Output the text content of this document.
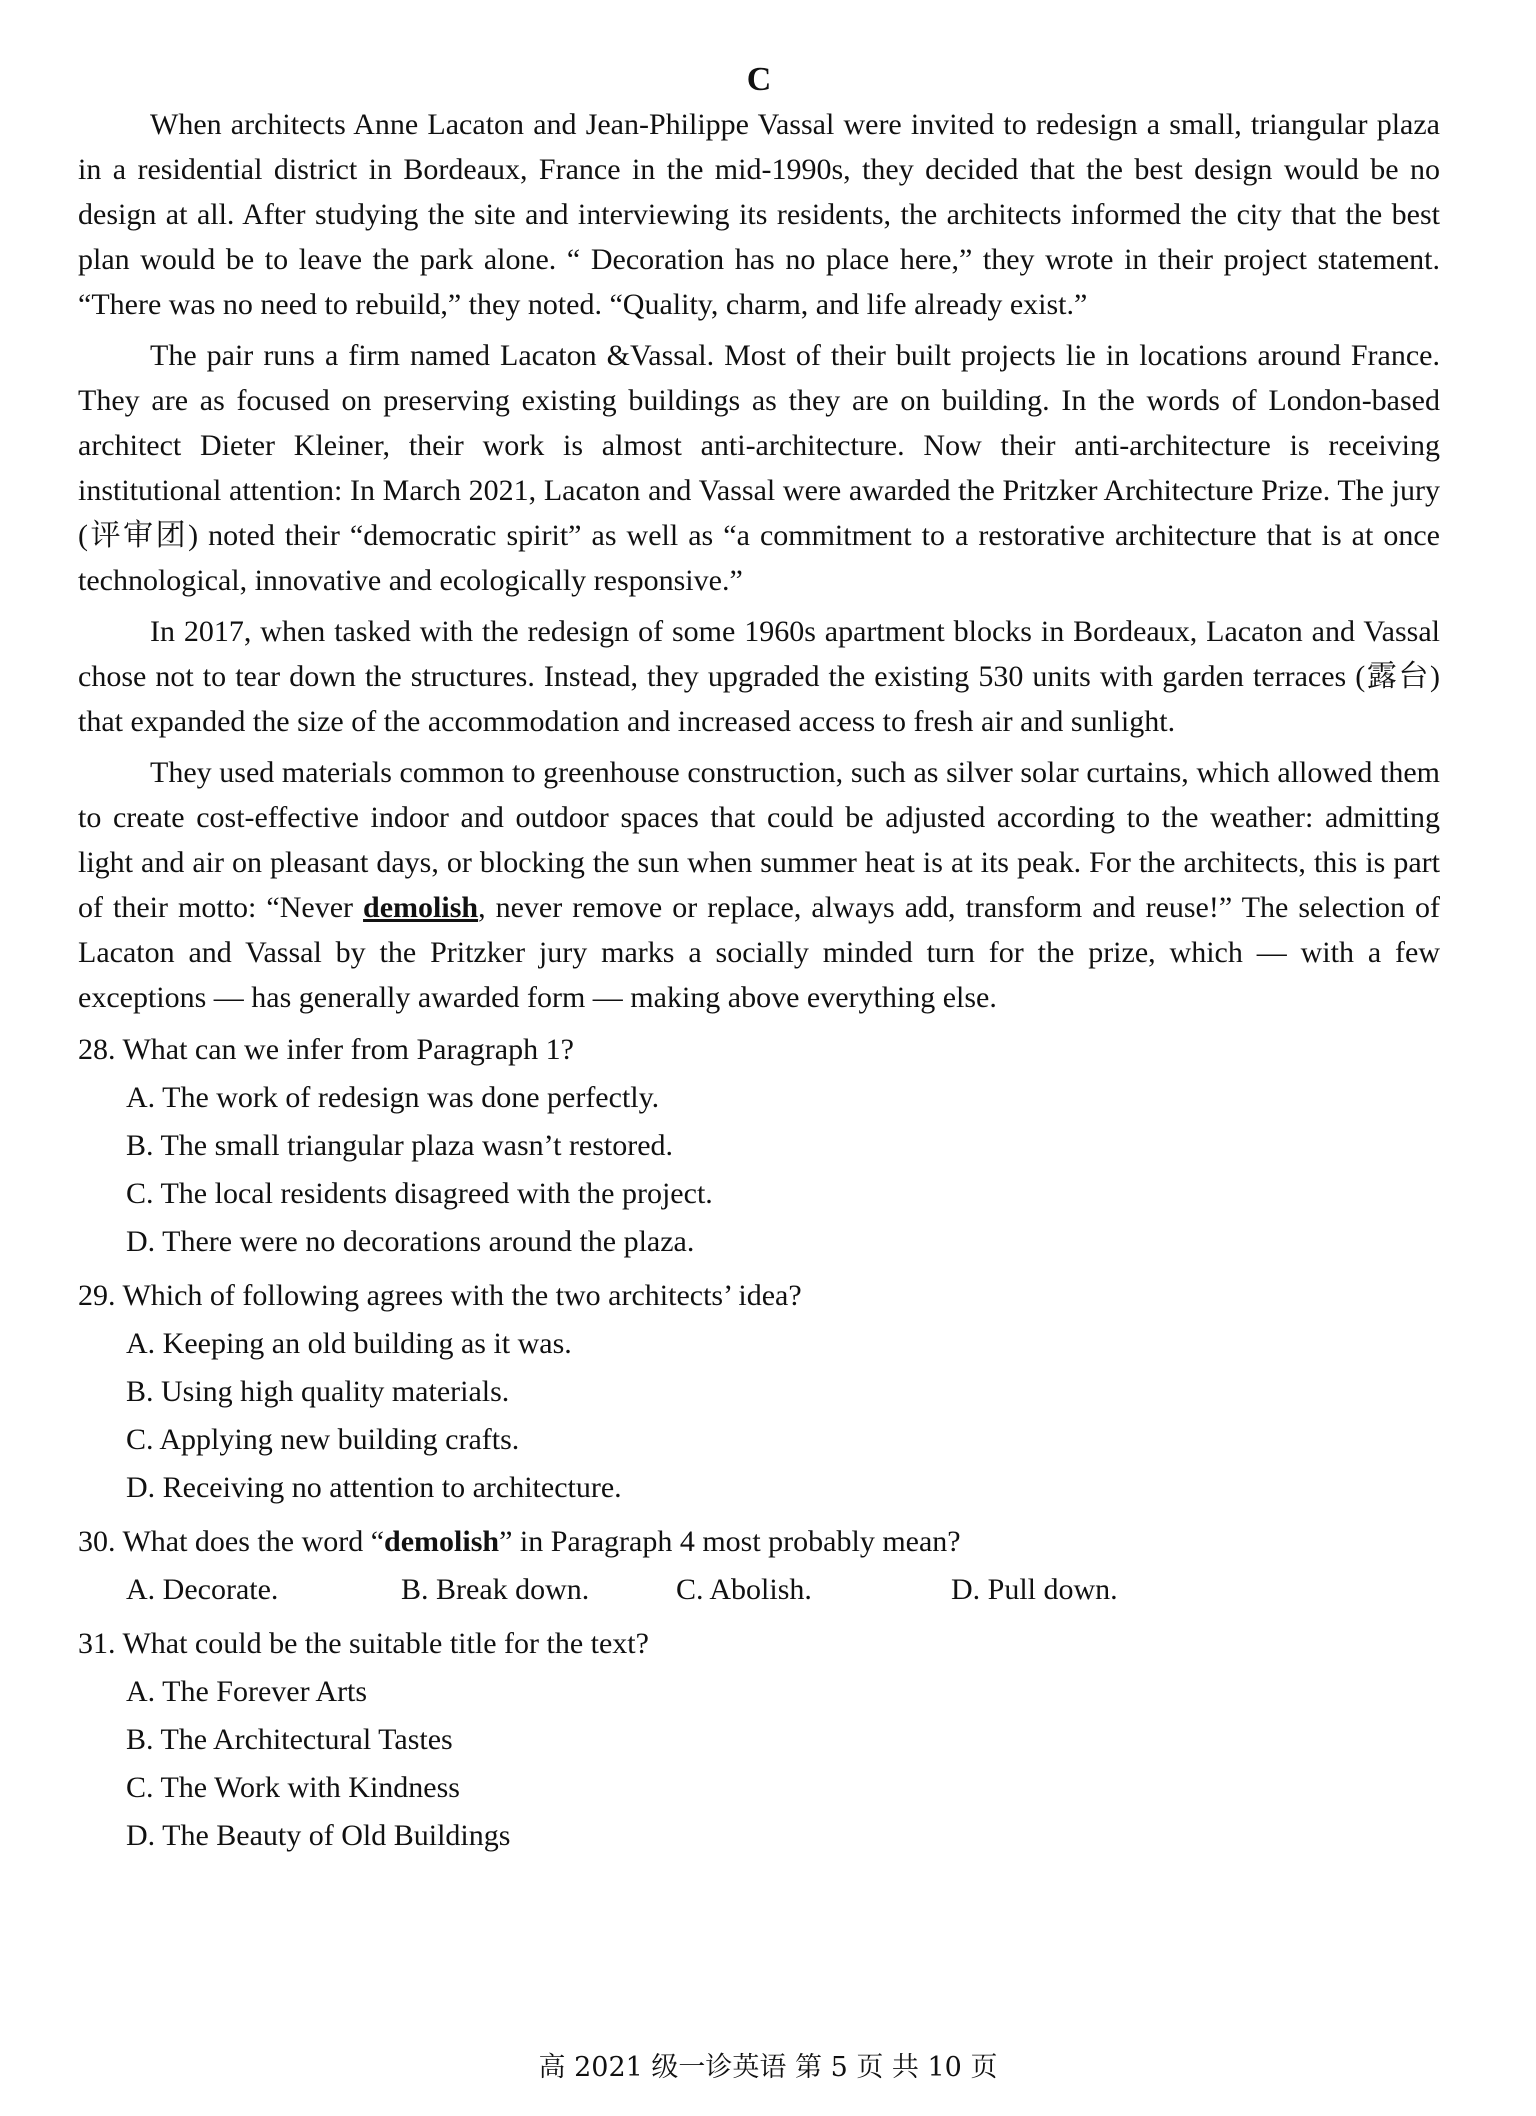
C

When architects Anne Lacaton and Jean-Philippe Vassal were invited to redesign a small, triangular plaza in a residential district in Bordeaux, France in the mid-1990s, they decided that the best design would be no design at all. After studying the site and interviewing its residents, the architects informed the city that the best plan would be to leave the park alone. “ Decoration has no place here,” they wrote in their project statement. “There was no need to rebuild,” they noted. “Quality, charm, and life already exist.”

The pair runs a firm named Lacaton &Vassal. Most of their built projects lie in locations around France. They are as focused on preserving existing buildings as they are on building. In the words of London-based architect Dieter Kleiner, their work is almost anti-architecture. Now their anti-architecture is receiving institutional attention: In March 2021, Lacaton and Vassal were awarded the Pritzker Architecture Prize. The jury (评审团) noted their “democratic spirit” as well as “a commitment to a restorative architecture that is at once technological, innovative and ecologically responsive.”

In 2017, when tasked with the redesign of some 1960s apartment blocks in Bordeaux, Lacaton and Vassal chose not to tear down the structures. Instead, they upgraded the existing 530 units with garden terraces (露台) that expanded the size of the accommodation and increased access to fresh air and sunlight.

They used materials common to greenhouse construction, such as silver solar curtains, which allowed them to create cost-effective indoor and outdoor spaces that could be adjusted according to the weather: admitting light and air on pleasant days, or blocking the sun when summer heat is at its peak. For the architects, this is part of their motto: “Never demolish, never remove or replace, always add, transform and reuse!” The selection of Lacaton and Vassal by the Pritzker jury marks a socially minded turn for the prize, which — with a few exceptions — has generally awarded form — making above everything else.

28. What can we infer from Paragraph 1?

A. The work of redesign was done perfectly.
B. The small triangular plaza wasn’t restored.
C. The local residents disagreed with the project.
D. There were no decorations around the plaza.

29. Which of following agrees with the two architects’ idea?

A. Keeping an old building as it was.
B. Using high quality materials.
C. Applying new building crafts.
D. Receiving no attention to architecture.

30. What does the word “demolish” in Paragraph 4 most probably mean?

A. Decorate.	B. Break down.	C. Abolish.	D. Pull down.

31. What could be the suitable title for the text?

A. The Forever Arts
B. The Architectural Tastes
C. The Work with Kindness
D. The Beauty of Old Buildings
高 2021 级一诊英语 第 5 页 共 10 页
